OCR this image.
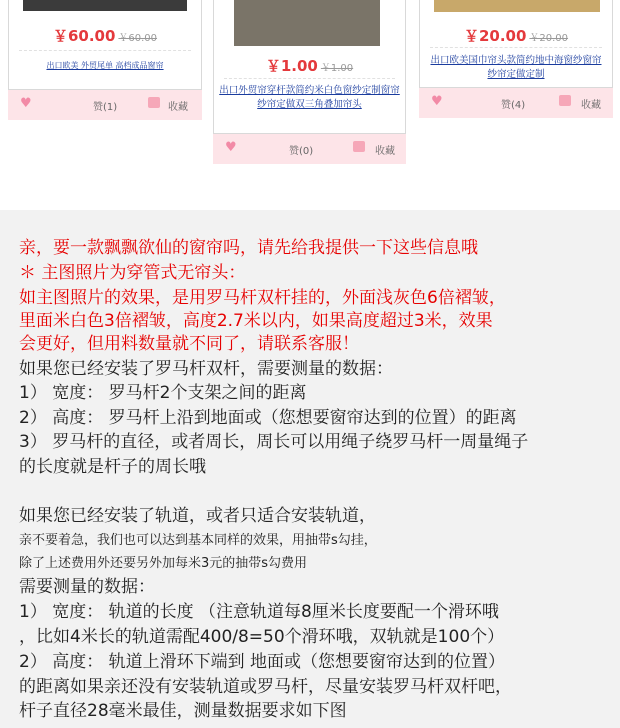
￥60.00 ￥60.00
出口欧美 外贸尾单 高档成品窗帘
♥	赞(1)	收藏
￥1.00 ￥1.00
出口外贸帘穿杆款简约米白色窗纱定制窗帘纱帘定做双三角叠加帘头
♥	赞(0)	收藏
￥20.00 ￥20.00
出口欧美国巾帘头款简约地中海窗纱窗帘纱帘定做定制
♥	赞(4)	收藏
亲，要一款飘飘欲仙的窗帘吗，请先给我提供一下这些信息哦
＊ 主图照片为穿管式无帘头：
如主图照片的效果，是用罗马杆双杆挂的，外面浅灰色6倍褶皱，
里面米白色3倍褶皱，高度2.7米以内，如果高度超过3米，效果
会更好，但用料数量就不同了，请联系客服！
如果您已经安装了罗马杆双杆，需要测量的数据：
1） 宽度： 罗马杆2个支架之间的距离
2） 高度： 罗马杆上沿到地面或（您想要窗帘达到的位置）的距离
3） 罗马杆的直径，或者周长，周长可以用绳子绕罗马杆一周量绳子
的长度就是杆子的周长哦
如果您已经安装了轨道，或者只适合安装轨道，
亲不要着急，我们也可以达到基本同样的效果，用抽带s勾挂，
除了上述费用外还要另外加每米3元的抽带s勾费用
需要测量的数据：
1） 宽度： 轨道的长度 （注意轨道每8厘米长度要配一个滑环哦
，比如4米长的轨道需配400/8=50个滑环哦，双轨就是100个）
2） 高度： 轨道上滑环下端到 地面或（您想要窗帘达到的位置）
的距离如果亲还没有安装轨道或罗马杆，尽量安装罗马杆双杆吧，
杆子直径28毫米最佳，测量数据要求如下图
